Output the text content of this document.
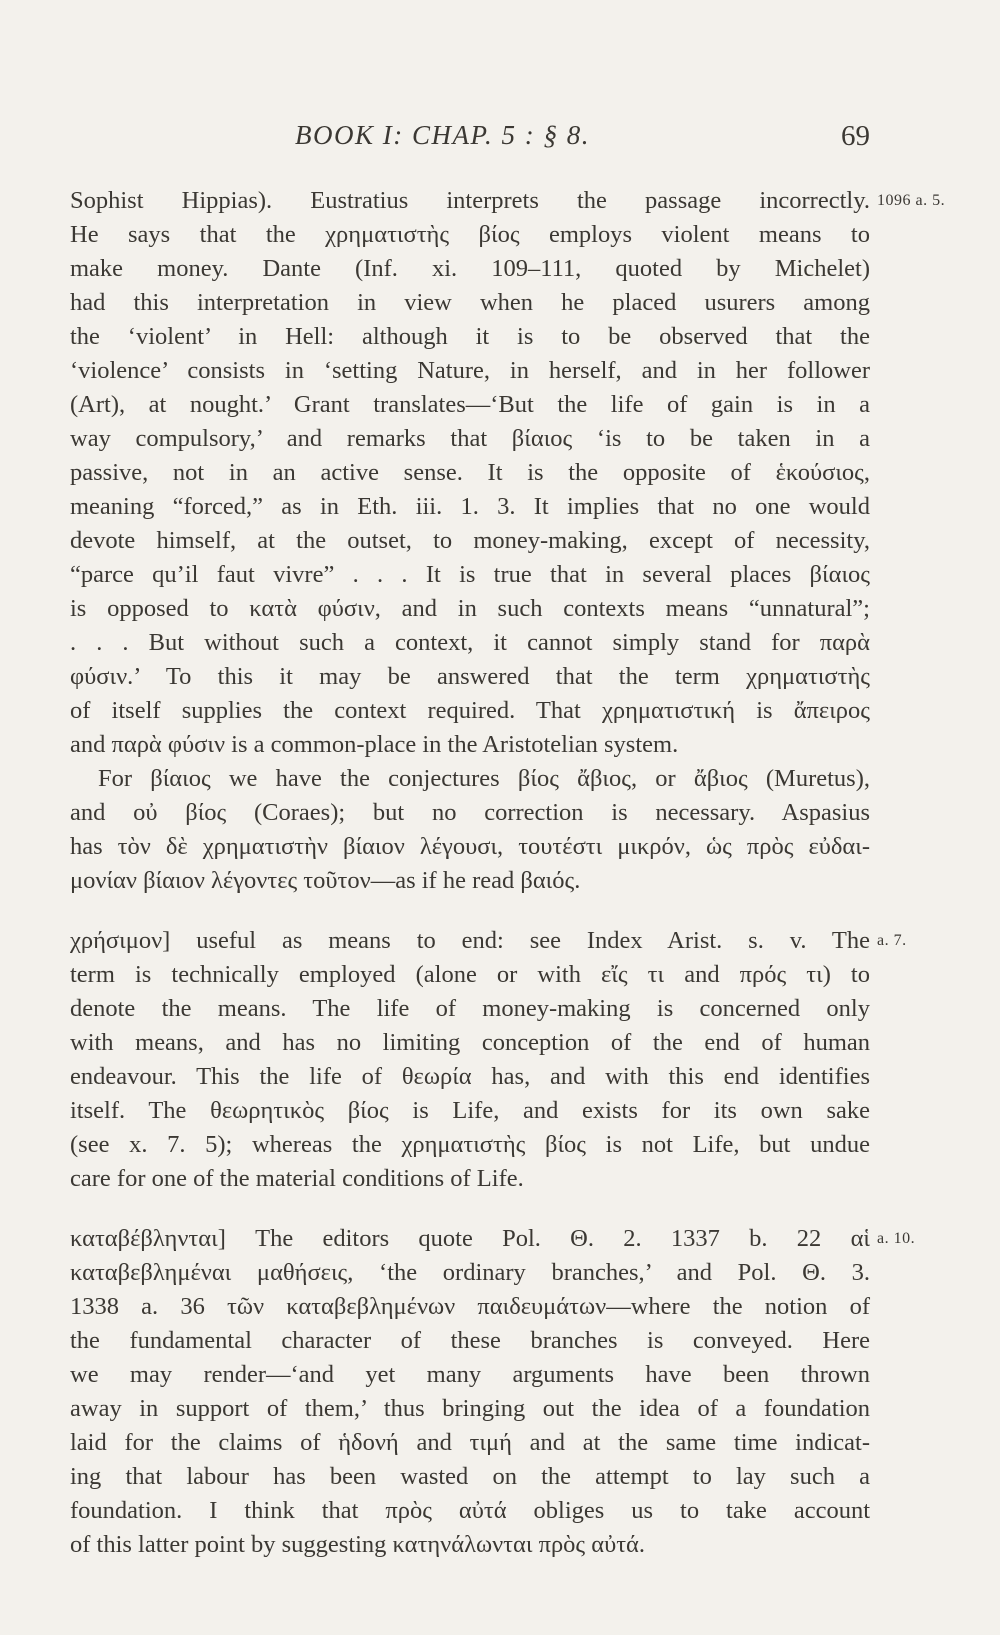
BOOK I: CHAP. 5 : § 8.	69
Sophist Hippias). Eustratius interprets the passage incorrectly. 1096 a. 5.
He says that the χρηματιστὴς βίος employs violent means to
make money. Dante (Inf. xi. 109–111, quoted by Michelet)
had this interpretation in view when he placed usurers among
the ‘violent’ in Hell: although it is to be observed that the
‘violence’ consists in ‘setting Nature, in herself, and in her follower
(Art), at nought.’ Grant translates—‘But the life of gain is in a
way compulsory,’ and remarks that βίαιος ‘is to be taken in a
passive, not in an active sense. It is the opposite of ἑκούσιος,
meaning “forced,” as in Eth. iii. 1. 3. It implies that no one would
devote himself, at the outset, to money-making, except of necessity,
“parce qu’il faut vivre” . . . It is true that in several places βίαιος
is opposed to κατὰ φύσιν, and in such contexts means “unnatural”;
. . . But without such a context, it cannot simply stand for παρὰ
φύσιν.’ To this it may be answered that the term χρηματιστὴς
of itself supplies the context required. That χρηματιστική is ἄπειρος
and παρὰ φύσιν is a common-place in the Aristotelian system.
For βίαιος we have the conjectures βίος ἄβιος, or ἄβιος (Muretus),
and οὐ βίος (Coraes); but no correction is necessary. Aspasius
has τὸν δὲ χρηματιστὴν βίαιον λέγουσι, τουτέστι μικρόν, ὡς πρὸς εὐδαι-
μονίαν βίαιον λέγοντες τοῦτον—as if he read βαιός.
χρήσιμον] useful as means to end: see Index Arist. s. v. The a. 7.
term is technically employed (alone or with εἴς τι and πρός τι) to
denote the means. The life of money-making is concerned only
with means, and has no limiting conception of the end of human
endeavour. This the life of θεωρία has, and with this end identifies
itself. The θεωρητικὸς βίος is Life, and exists for its own sake
(see x. 7. 5); whereas the χρηματιστὴς βίος is not Life, but undue
care for one of the material conditions of Life.
καταβέβληνται] The editors quote Pol. Θ. 2. 1337 b. 22 αἱ a. 10.
καταβεβλημέναι μαθήσεις, ‘the ordinary branches,’ and Pol. Θ. 3.
1338 a. 36 τῶν καταβεβλημένων παιδευμάτων—where the notion of
the fundamental character of these branches is conveyed. Here
we may render—‘and yet many arguments have been thrown
away in support of them,’ thus bringing out the idea of a foundation
laid for the claims of ἡδονή and τιμή and at the same time indicat-
ing that labour has been wasted on the attempt to lay such a
foundation. I think that πρὸς αὐτά obliges us to take account
of this latter point by suggesting κατηνάλωνται πρὸς αὐτά.
